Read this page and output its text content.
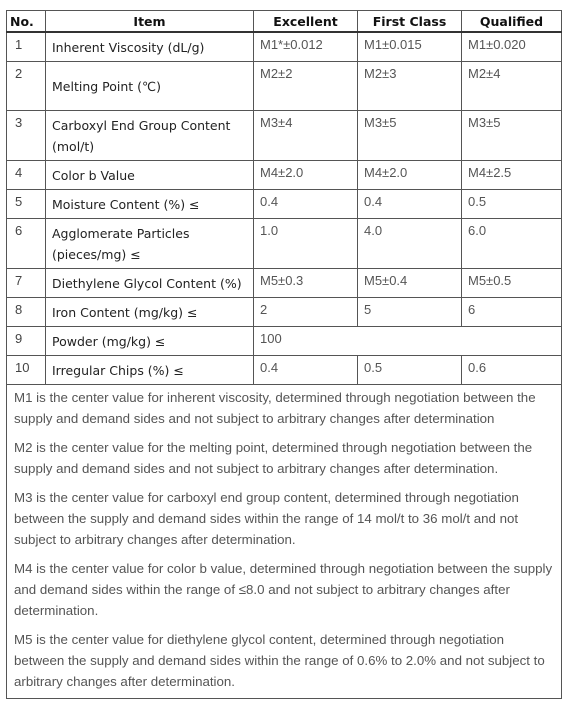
No.	Item	Excellent	First Class	Qualified
1	Inherent Viscosity (dL/g)	M1*±0.012	M1±0.015	M1±0.020
2	Melting Point (℃)	M2±2	M2±3	M2±4
3	Carboxyl End Group Content (mol/t)	M3±4	M3±5	M3±5
4	Color b Value	M4±2.0	M4±2.0	M4±2.5
5	Moisture Content (%) ≤	0.4	0.4	0.5
6	Agglomerate Particles (pieces/mg) ≤	1.0	4.0	6.0
7	Diethylene Glycol Content (%)	M5±0.3	M5±0.4	M5±0.5
8	Iron Content (mg/kg) ≤	2	5	6
9	Powder (mg/kg) ≤	100		
10	Irregular Chips (%) ≤	0.4	0.5	0.6

M1 is the center value for inherent viscosity, determined through negotiation between the supply and demand sides and not subject to arbitrary changes after determination

M2 is the center value for the melting point, determined through negotiation between the supply and demand sides and not subject to arbitrary changes after determination.

M3 is the center value for carboxyl end group content, determined through negotiation between the supply and demand sides within the range of 14 mol/t to 36 mol/t and not subject to arbitrary changes after determination.

M4 is the center value for color b value, determined through negotiation between the supply and demand sides within the range of ≤8.0 and not subject to arbitrary changes after determination.

M5 is the center value for diethylene glycol content, determined through negotiation between the supply and demand sides within the range of 0.6% to 2.0% and not subject to arbitrary changes after determination.				
